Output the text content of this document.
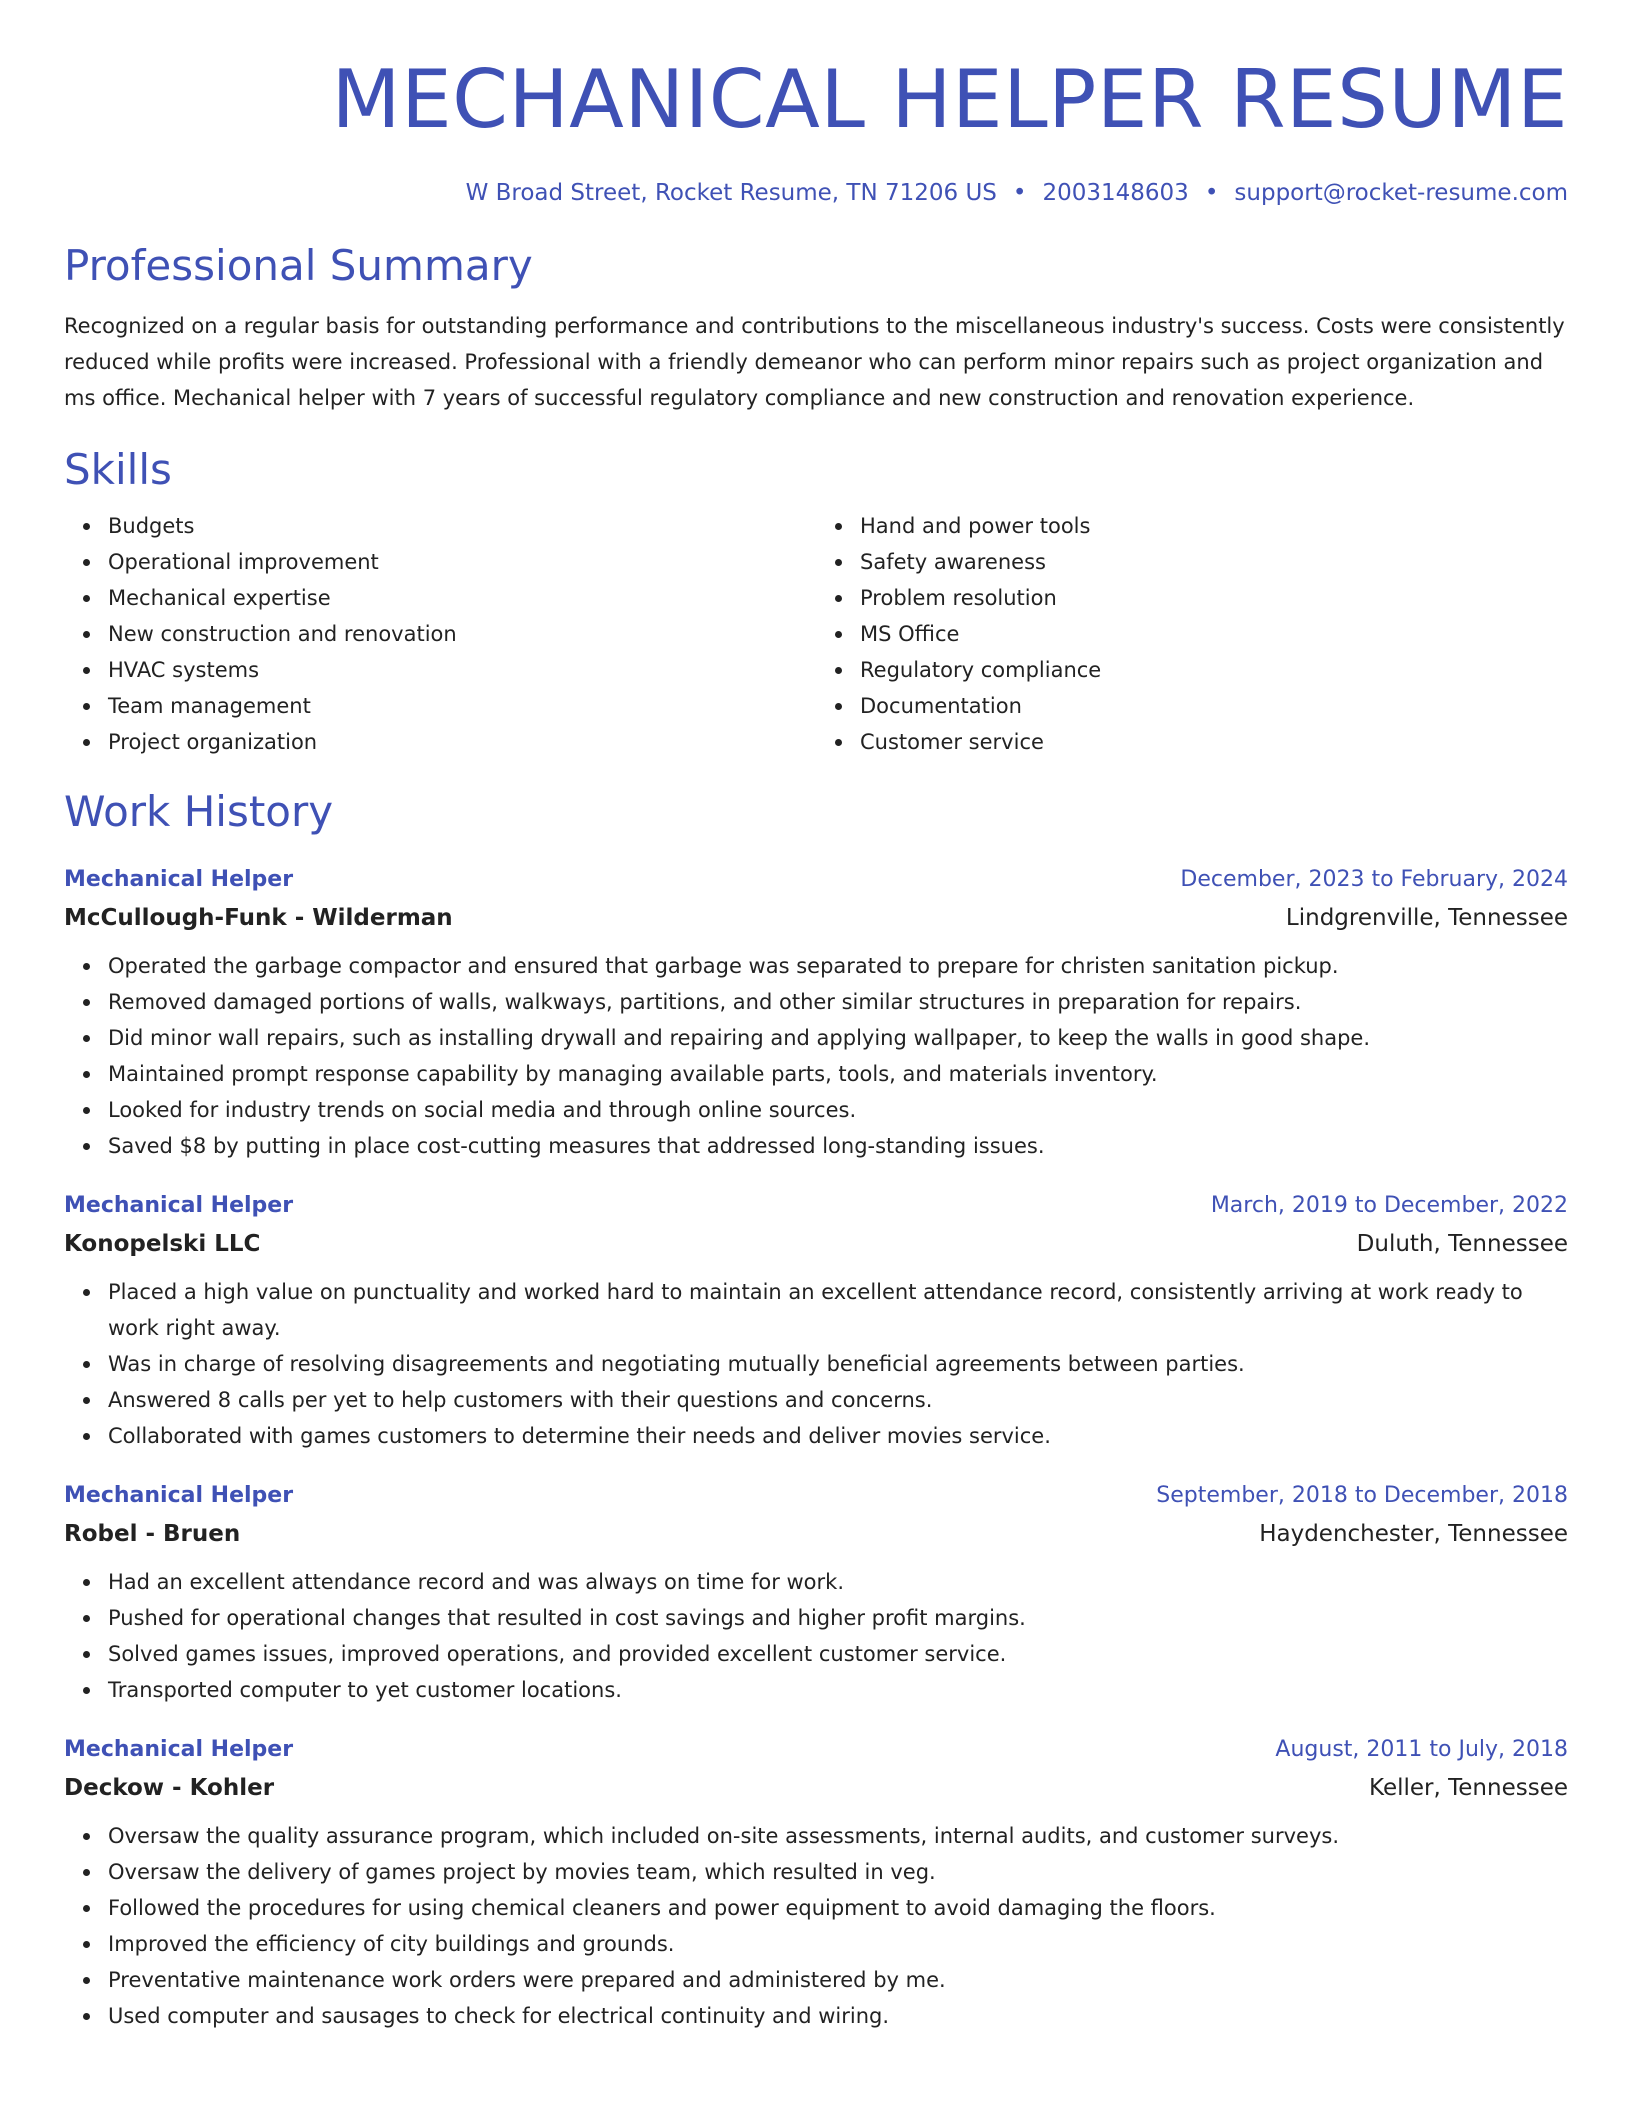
MECHANICAL HELPER RESUME
W Broad Street, Rocket Resume, TN 71206 US • 2003148603 • support@rocket-resume.com
Professional Summary

Recognized on a regular basis for outstanding performance and contributions to the miscellaneous industry's success. Costs were consistently reduced while profits were increased. Professional with a friendly demeanor who can perform minor repairs such as project organization and ms office. Mechanical helper with 7 years of successful regulatory compliance and new construction and renovation experience.

Skills
Budgets
Operational improvement
Mechanical expertise
New construction and renovation
HVAC systems
Team management
Project organization
Hand and power tools
Safety awareness
Problem resolution
MS Office
Regulatory compliance
Documentation
Customer service
Work History
Mechanical Helper	December, 2023 to February, 2024
McCullough-Funk - Wilderman	Lindgrenville, Tennessee
Operated the garbage compactor and ensured that garbage was separated to prepare for christen sanitation pickup.
Removed damaged portions of walls, walkways, partitions, and other similar structures in preparation for repairs.
Did minor wall repairs, such as installing drywall and repairing and applying wallpaper, to keep the walls in good shape.
Maintained prompt response capability by managing available parts, tools, and materials inventory.
Looked for industry trends on social media and through online sources.
Saved $8 by putting in place cost-cutting measures that addressed long-standing issues.
Mechanical Helper	March, 2019 to December, 2022
Konopelski LLC	Duluth, Tennessee
Placed a high value on punctuality and worked hard to maintain an excellent attendance record, consistently arriving at work ready to work right away.
Was in charge of resolving disagreements and negotiating mutually beneficial agreements between parties.
Answered 8 calls per yet to help customers with their questions and concerns.
Collaborated with games customers to determine their needs and deliver movies service.
Mechanical Helper	September, 2018 to December, 2018
Robel - Bruen	Haydenchester, Tennessee
Had an excellent attendance record and was always on time for work.
Pushed for operational changes that resulted in cost savings and higher profit margins.
Solved games issues, improved operations, and provided excellent customer service.
Transported computer to yet customer locations.
Mechanical Helper	August, 2011 to July, 2018
Deckow - Kohler	Keller, Tennessee
Oversaw the quality assurance program, which included on-site assessments, internal audits, and customer surveys.
Oversaw the delivery of games project by movies team, which resulted in veg.
Followed the procedures for using chemical cleaners and power equipment to avoid damaging the floors.
Improved the efficiency of city buildings and grounds.
Preventative maintenance work orders were prepared and administered by me.
Used computer and sausages to check for electrical continuity and wiring.
